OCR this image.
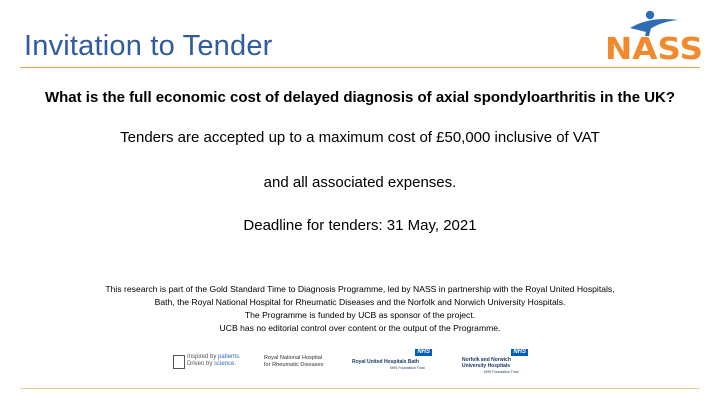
Invitation to Tender	NASS

What is the full economic cost of delayed diagnosis of axial spondyloarthritis in the UK?

Tenders are accepted up to a maximum cost of £50,000 inclusive of VAT

and all associated expenses.

Deadline for tenders: 31 May, 2021

This research is part of the Gold Standard Time to Diagnosis Programme, led by NASS in partnership with the Royal United Hospitals,
Bath, the Royal National Hospital for Rheumatic Diseases and the Norfolk and Norwich University Hospitals.
The Programme is funded by UCB as sponsor of the project.
UCB has no editorial control over content or the output of the Programme.
Inspired by patients.
Driven by science.
Royal National Hospital
for Rheumatic Diseases
NHS
Royal United Hospitals Bath
NHS Foundation Trust
NHS
Norfolk and Norwich
University Hospitals
NHS Foundation Trust
